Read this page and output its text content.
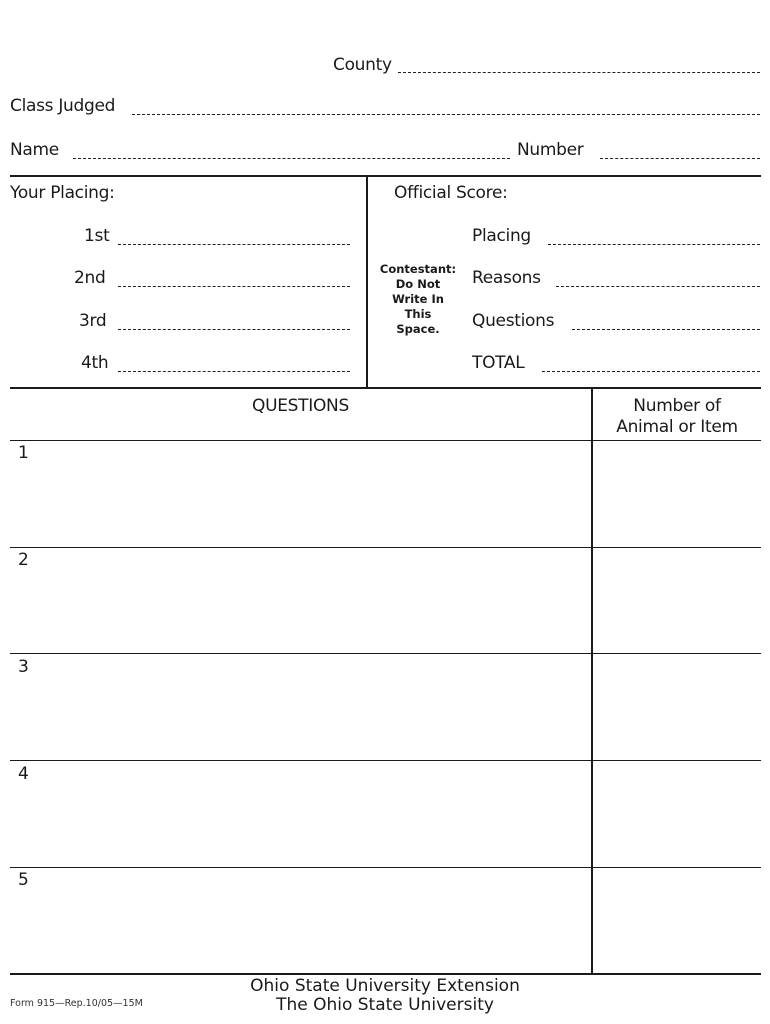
County
Class Judged
Name	Number
Your Placing:
1st
2nd
3rd
4th
Official Score:
Contestant:
Do Not
Write In
This
Space.
Placing
Reasons
Questions
TOTAL
QUESTIONS	Number of
Animal or Item
1
2
3
4
5
Form 915—Rep.10/05—15M
Ohio State University Extension
The Ohio State University
